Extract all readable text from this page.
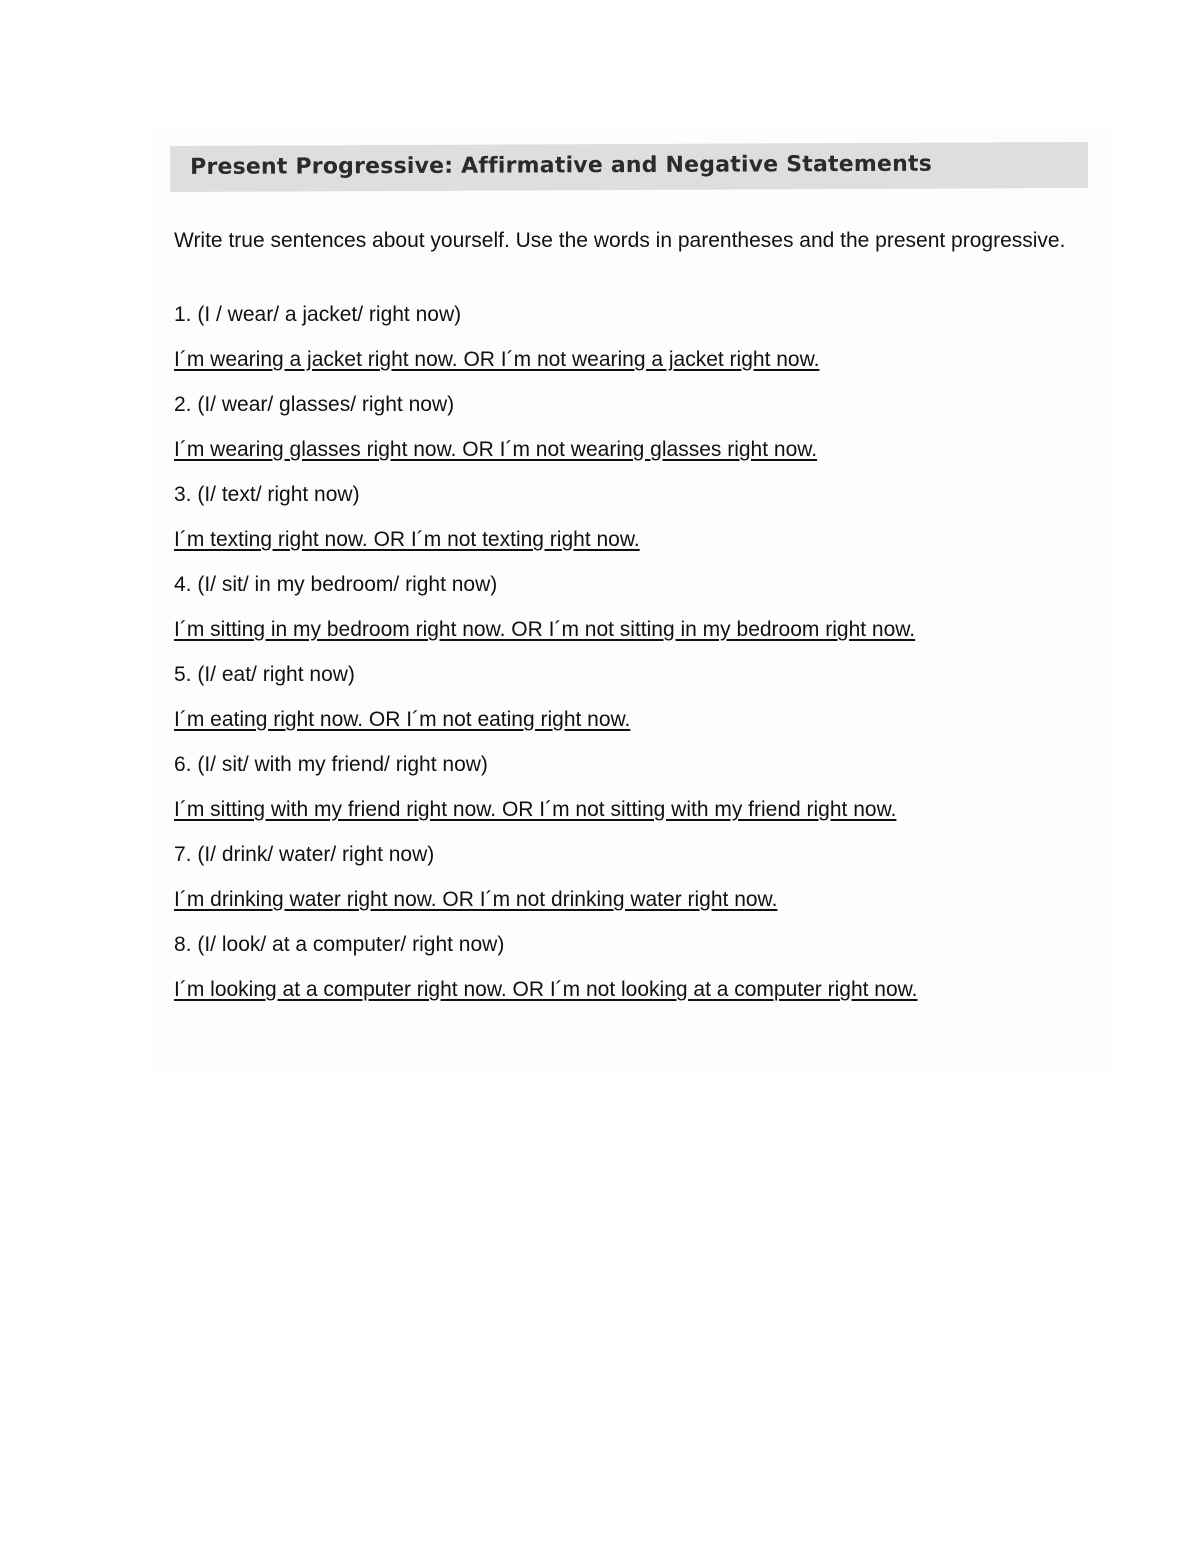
Present Progressive: Affirmative and Negative Statements

Write true sentences about yourself. Use the words in parentheses and the present progressive.

1. (I / wear/ a jacket/ right now)
I´m wearing a jacket right now. OR I´m not wearing a jacket right now.
2. (I/ wear/ glasses/ right now)
I´m wearing glasses right now. OR I´m not wearing glasses right now.
3. (I/ text/ right now)
I´m texting right now. OR I´m not texting right now.
4. (I/ sit/ in my bedroom/ right now)
I´m sitting in my bedroom right now. OR I´m not sitting in my bedroom right now.
5. (I/ eat/ right now)
I´m eating right now. OR I´m not eating right now.
6. (I/ sit/ with my friend/ right now)
I´m sitting with my friend right now. OR I´m not sitting with my friend right now.
7. (I/ drink/ water/ right now)
I´m drinking water right now. OR I´m not drinking water right now.
8. (I/ look/ at a computer/ right now)
I´m looking at a computer right now. OR I´m not looking at a computer right now.
